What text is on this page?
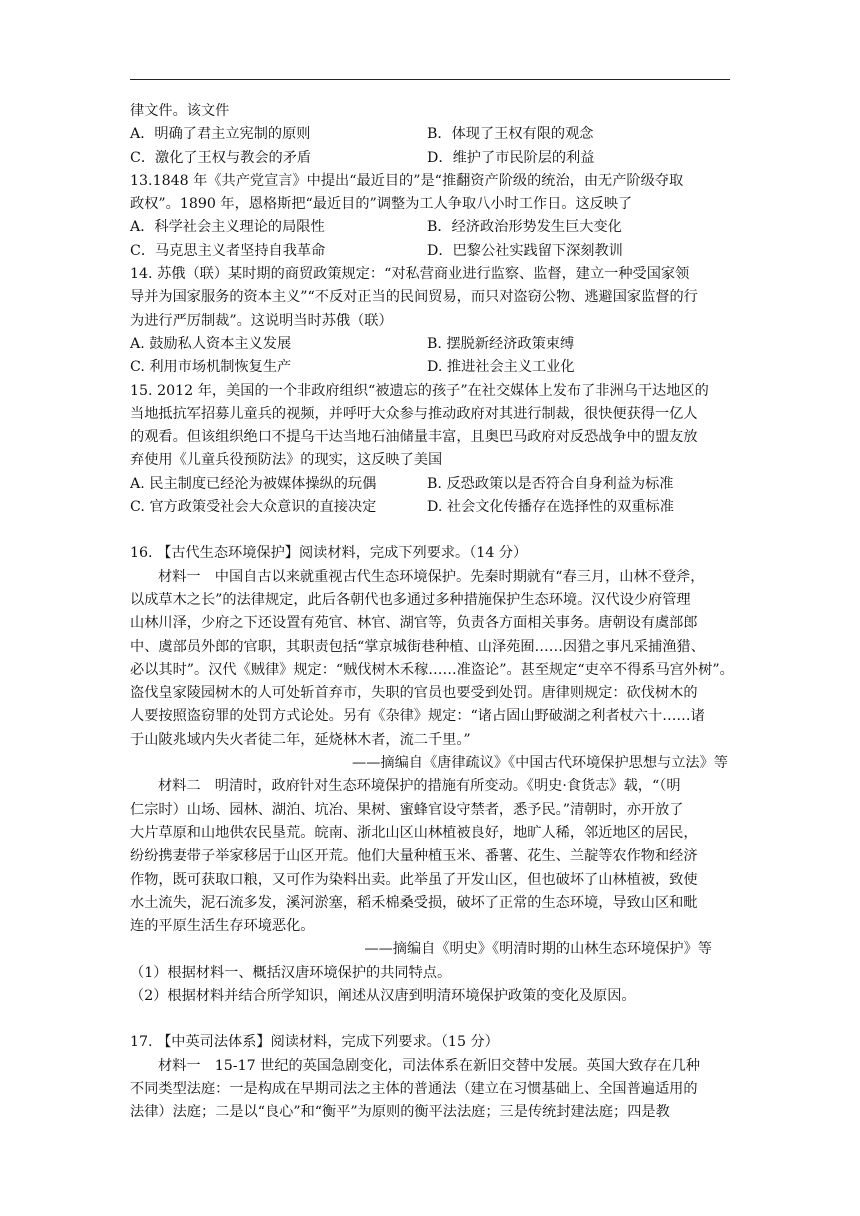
律文件。该文件
A．明确了君主立宪制的原则	B．体现了王权有限的观念
C．激化了王权与教会的矛盾	D．维护了市民阶层的利益
13.1848 年《共产党宣言》中提出“最近目的”是“推翻资产阶级的统治，由无产阶级夺取
政权”。1890 年，恩格斯把“最近目的”调整为工人争取八小时工作日。这反映了
A．科学社会主义理论的局限性	B．经济政治形势发生巨大变化
C．马克思主义者坚持自我革命	D．巴黎公社实践留下深刻教训
14. 苏俄（联）某时期的商贸政策规定：“对私营商业进行监察、监督，建立一种受国家领
导并为国家服务的资本主义”“不反对正当的民间贸易，而只对盗窃公物、逃避国家监督的行
为进行严厉制裁”。这说明当时苏俄（联）
A. 鼓励私人资本主义发展	B. 摆脱新经济政策束缚
C. 利用市场机制恢复生产	D. 推进社会主义工业化
15. 2012 年，美国的一个非政府组织“被遗忘的孩子”在社交媒体上发布了非洲乌干达地区的
当地抵抗军招募儿童兵的视频，并呼吁大众参与推动政府对其进行制裁，很快便获得一亿人
的观看。但该组织绝口不提乌干达当地石油储量丰富，且奥巴马政府对反恐战争中的盟友放
弃使用《儿童兵役预防法》的现实，这反映了美国
A. 民主制度已经沦为被媒体操纵的玩偶	B. 反恐政策以是否符合自身利益为标准
C. 官方政策受社会大众意识的直接决定	D. 社会文化传播存在选择性的双重标准
16. 【古代生态环境保护】阅读材料，完成下列要求。（14 分）
材料一　中国自古以来就重视古代生态环境保护。先秦时期就有“春三月，山林不登斧，
以成草木之长”的法律规定，此后各朝代也多通过多种措施保护生态环境。汉代设少府管理
山林川泽，少府之下还设置有苑官、林官、湖官等，负责各方面相关事务。唐朝设有虞部郎
中、虞部员外郎的官职，其职责包括“掌京城街巷种植、山泽苑囿……因猎之事凡采捕渔猎、
必以其时”。汉代《贼律》规定：“贼伐树木禾稼……准盗论”。甚至规定“吏卒不得系马宫外树”。
盗伐皇家陵园树木的人可处斩首弃市，失职的官员也要受到处罚。唐律则规定：砍伐树木的
人要按照盗窃罪的处罚方式论处。另有《杂律》规定：“诸占固山野破湖之利者杖六十……诸
于山陂兆域内失火者徒二年，延烧林木者，流二千里。”
——摘编自《唐律疏议》《中国古代环境保护思想与立法》等
材料二　明清时，政府针对生态环境保护的措施有所变动。《明史·食货志》载，“（明
仁宗时）山场、园林、湖泊、坑冶、果树、蜜蜂官设守禁者，悉予民。”清朝时，亦开放了
大片草原和山地供农民垦荒。皖南、浙北山区山林植被良好，地旷人稀，邻近地区的居民，
纷纷携妻带子举家移居于山区开荒。他们大量种植玉米、番薯、花生、兰靛等农作物和经济
作物，既可获取口粮，又可作为染料出卖。此举虽了开发山区，但也破坏了山林植被，致使
水土流失，泥石流多发，溪河淤塞，稻禾棉桑受损，破坏了正常的生态环境，导致山区和毗
连的平原生活生存环境恶化。
——摘编自《明史》《明清时期的山林生态环境保护》等
（1）根据材料一、概括汉唐环境保护的共同特点。
（2）根据材料并结合所学知识，阐述从汉唐到明清环境保护政策的变化及原因。
17. 【中英司法体系】阅读材料，完成下列要求。（15 分）
材料一　15-17 世纪的英国急剧变化，司法体系在新旧交替中发展。英国大致存在几种
不同类型法庭：一是构成在早期司法之主体的普通法（建立在习惯基础上、全国普遍适用的
法律）法庭；二是以“良心”和“衡平”为原则的衡平法法庭；三是传统封建法庭；四是教
